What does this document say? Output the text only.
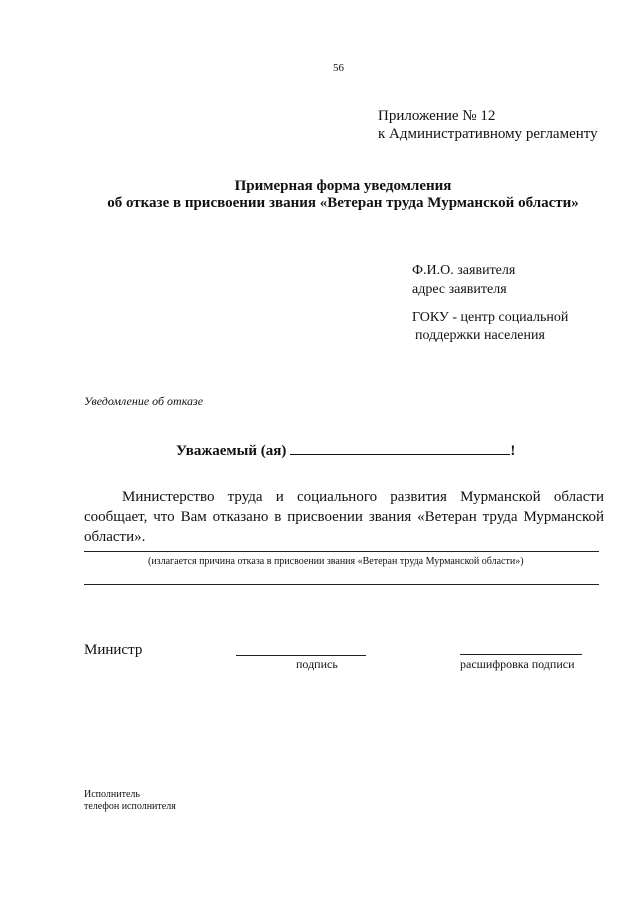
56
Приложение № 12
к Административному регламенту
Примерная форма уведомления
об отказе в присвоении звания «Ветеран труда Мурманской области»
Ф.И.О. заявителя
адрес заявителя
ГОКУ - центр социальной
поддержки населения
Уведомление об отказе
Уважаемый (ая)	!
Министерство труда и социального развития Мурманской области сообщает, что Вам отказано в присвоении звания «Ветеран труда Мурманской области».
(излагается причина отказа в присвоении звания «Ветеран труда Мурманской области»)
Министр
подпись	расшифровка подписи
Исполнитель
телефон исполнителя
